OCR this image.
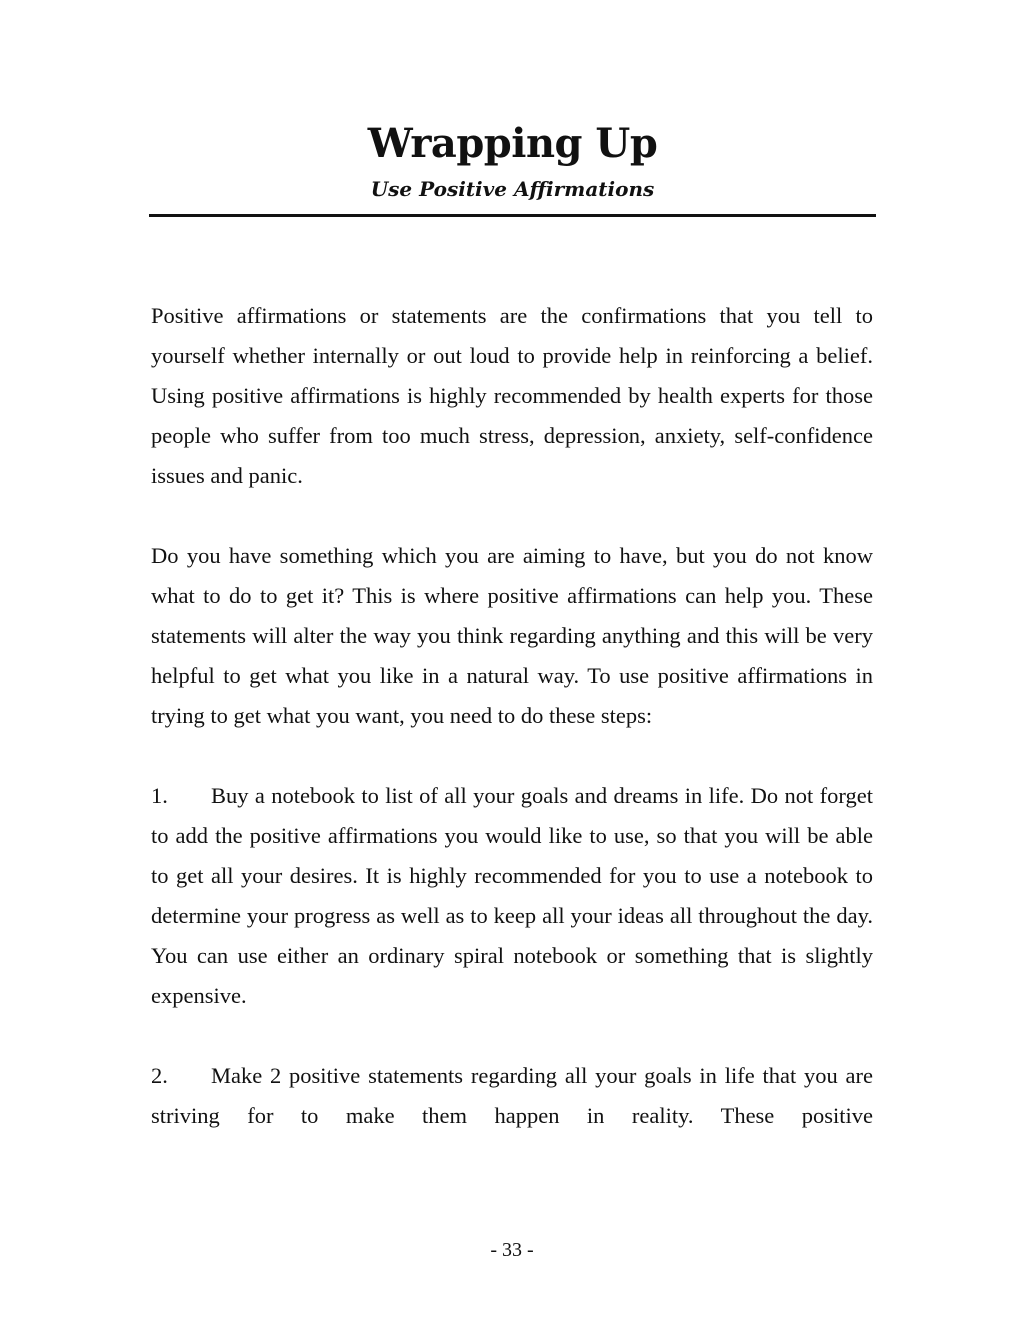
Wrapping Up
Use Positive Affirmations

Positive affirmations or statements are the confirmations that you tell to yourself whether internally or out loud to provide help in reinforcing a belief. Using positive affirmations is highly recommended by health experts for those people who suffer from too much stress, depression, anxiety, self-confidence issues and panic.

Do you have something which you are aiming to have, but you do not know what to do to get it? This is where positive affirmations can help you. These statements will alter the way you think regarding anything and this will be very helpful to get what you like in a natural way. To use positive affirmations in trying to get what you want, you need to do these steps:

1. Buy a notebook to list of all your goals and dreams in life. Do not forget to add the positive affirmations you would like to use, so that you will be able to get all your desires. It is highly recommended for you to use a notebook to determine your progress as well as to keep all your ideas all throughout the day. You can use either an ordinary spiral notebook or something that is slightly expensive.

2. Make 2 positive statements regarding all your goals in life that you are striving for to make them happen in reality. These positive

- 33 -
